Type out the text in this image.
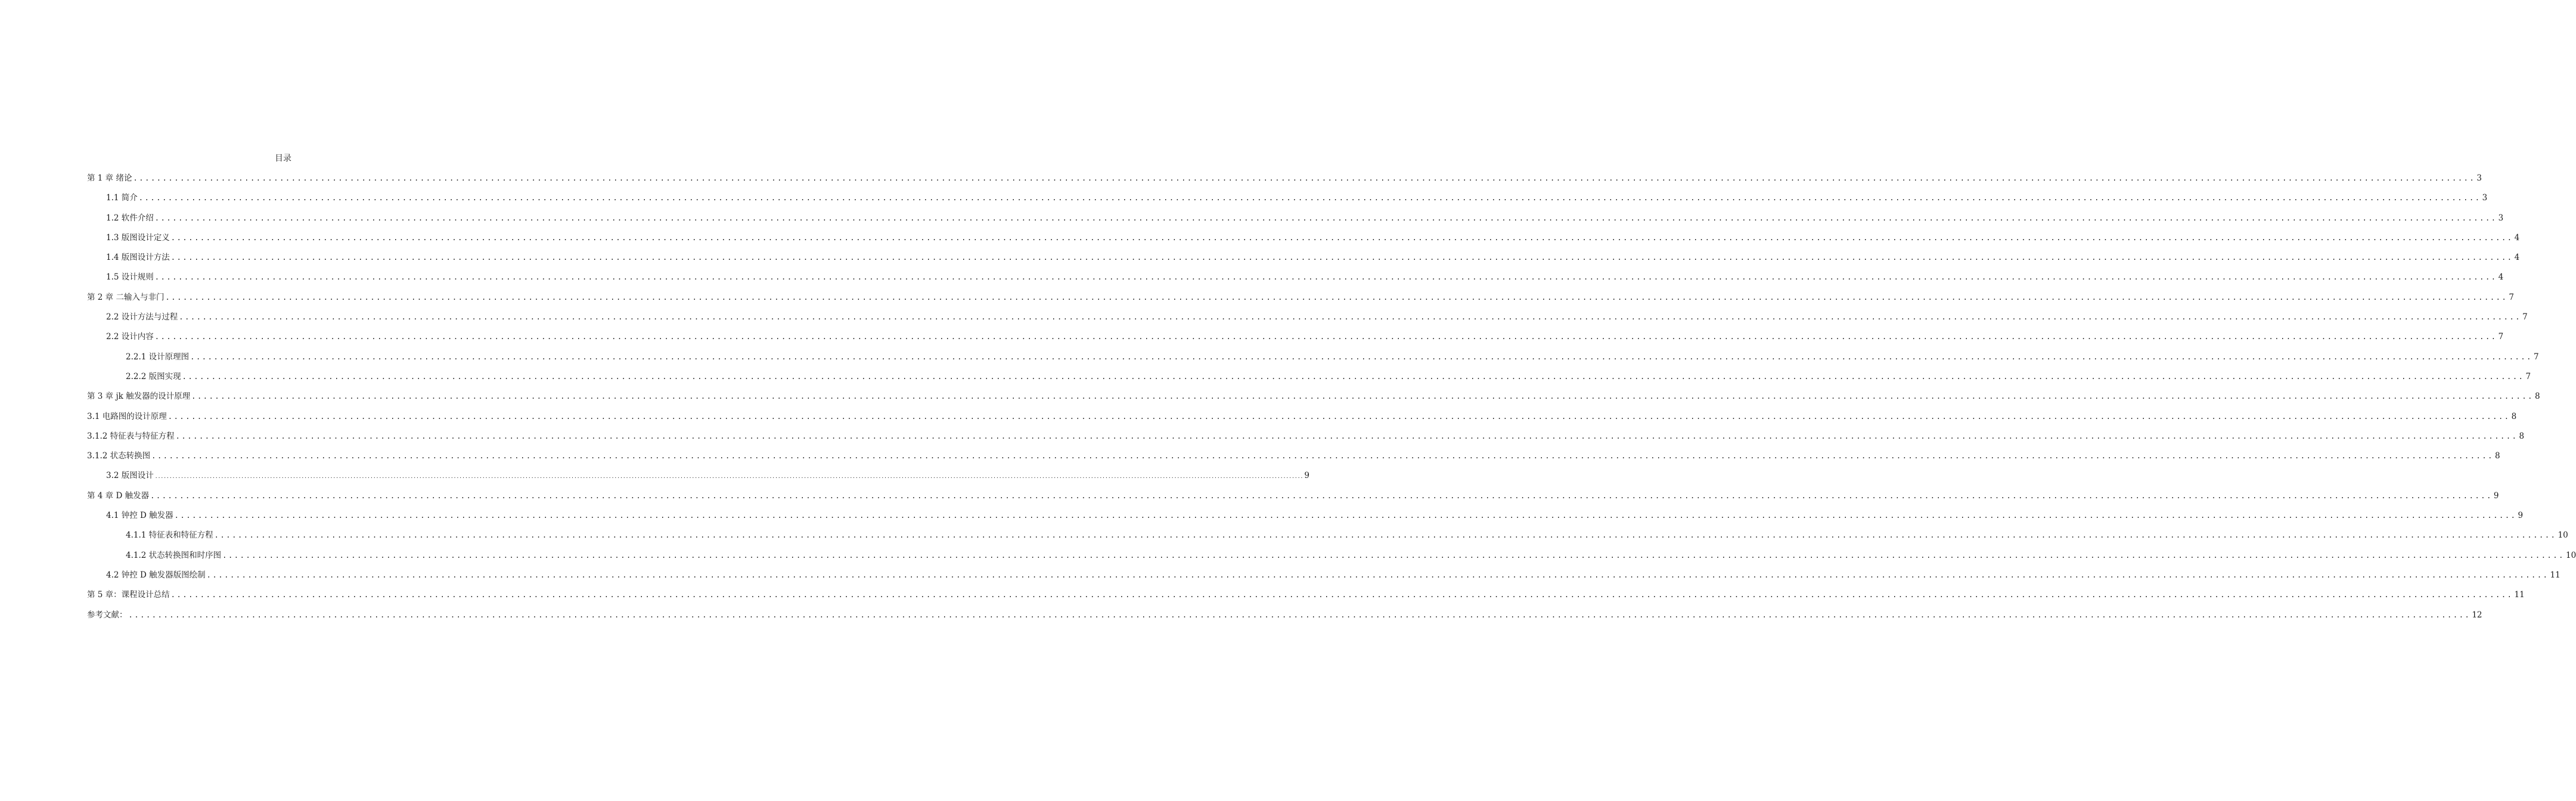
目录
第 1 章 绪论 ................................................................................................................................................................................................................................................................................................................................................................................................................ 3
1.1 简介 ................................................................................................................................................................................................................................................................................................................................................................................................................ 3
1.2 软件介绍 ................................................................................................................................................................................................................................................................................................................................................................................................................ 3
1.3 版图设计定义 ................................................................................................................................................................................................................................................................................................................................................................................................................ 4
1.4 版图设计方法 ................................................................................................................................................................................................................................................................................................................................................................................................................ 4
1.5 设计规则 ................................................................................................................................................................................................................................................................................................................................................................................................................ 4
第 2 章 二输入与非门 ................................................................................................................................................................................................................................................................................................................................................................................................................ 7
2.2 设计方法与过程 ................................................................................................................................................................................................................................................................................................................................................................................................................ 7
2.2 设计内容 ................................................................................................................................................................................................................................................................................................................................................................................................................ 7
2.2.1 设计原理图 ................................................................................................................................................................................................................................................................................................................................................................................................................ 7
2.2.2 版图实现 ................................................................................................................................................................................................................................................................................................................................................................................................................ 7
第 3 章 jk 触发器的设计原理 ................................................................................................................................................................................................................................................................................................................................................................................................................ 8
3.1 电路图的设计原理 ................................................................................................................................................................................................................................................................................................................................................................................................................ 8
3.1.2 特征表与特征方程 ................................................................................................................................................................................................................................................................................................................................................................................................................ 8
3.1.2 状态转换图 ................................................................................................................................................................................................................................................................................................................................................................................................................ 8
3.2 版图设计 ................................................................................................................................................................................................................................................................................................................................................................................................................ 9
第 4 章 D 触发器 ................................................................................................................................................................................................................................................................................................................................................................................................................ 9
4.1 钟控 D 触发器 ................................................................................................................................................................................................................................................................................................................................................................................................................ 9
4.1.1 特征表和特征方程 ................................................................................................................................................................................................................................................................................................................................................................................................................ 10
4.1.2 状态转换图和时序图 ................................................................................................................................................................................................................................................................................................................................................................................................................ 10
4.2 钟控 D 触发器版图绘制 ................................................................................................................................................................................................................................................................................................................................................................................................................ 11
第 5 章：课程设计总结 ................................................................................................................................................................................................................................................................................................................................................................................................................ 11
参考文献： ................................................................................................................................................................................................................................................................................................................................................................................................................ 12
